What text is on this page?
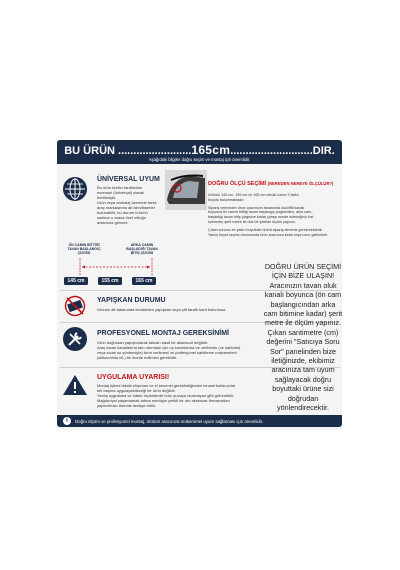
BU ÜRÜN ........................165cm...........................DIR.
Aşağıdaki bilgiler doğru seçim ve montaj için önemlidir.
ÜNİVERSAL UYUM
Bu ürün üretici tarafından
evrensel (üniversal) olarak
üretilmiştir.
Ürün veya ambalaj üzerinde farklı
araç markalarına ait isim/ibareler
bulunabilir, bu durum ürünün
sadece o araca özel olduğu
anlamına gelmez.
DOĞRU ÖLÇÜ SEÇİMİ (NEREDEN NEREYE ÖLÇÜLÜR?)
Ürünün 145 cm, 155 cm ve 165 cm olmak üzere 3 farklı
boyutu bulunmaktadır.
Sipariş vermeden önce aracınızın tavanında oluk/fitil kanalı
boyunca ön camın bittiği tavan başlangıç çizgisinden, arka cam-
başladığı tavan bitiş çizgisine kadar (çıtayı monte edeceğiniz hat
üzerinde) şerit metre ile düz bir şekilde ölçüm yapınız.
Çıkan sonuca en yakın boyuttaki ürünü sipariş etmeniz gerekmektedir.
Yanlış boyut seçimi durumunda ürün aracınıza kesa veya uzun gelecektir.
ÖN CAMIN BİTTİĞİ
TAVAN BAŞLANGIÇ
ÇİZGİSİ
ARKA CAMIN
BAŞLADIĞI TAVAN
BİTİŞ ÇİZGİSİ
145 cm	155 cm	165 cm
YAPIŞKAN DURUMU
Ürünün alt tabanında kendinden yapışkan veya çift taraflı bant bulunmaz.
PROFESYONEL MONTAJ GEREKSİNİMİ
Ürün doğrudan yapıştırılarak takılan basit bir aksesuar değildir.
Araç tavan kanallarına tam oturması için uç kısımlarına ve veriberek (ve kablolar)
veya sıcak su yöntemiyle) form verilmesi ve profesyonel sabitleme malzemeleri
(silikon/vida vb.) ile monte edilmesi gereklidir.
UYGULAMA UYARISI!
Montaj işlemi teknik ekipman ve el becerisi gerektirdiğinden birosel kullanıcılar
tek başına uygulayabileceği bir ürün değildir.
Yanlış uygulama ve hatalı ölçümlerde ürün yuvaya oturmayan gibi görünebilir.
Mağduriyet yaşamamak adına montajın yetkili bir oto aksesuar firmasından
yaptırılması önemle tavsiye edilir.
i	Doğru ölçüm ve profesyonel montaj, ürünün aracınıza mükemmel uyum sağlaması için önemlidir.
DOĞRU ÜRÜN SEÇİMİ İÇİN BİZE ULAŞIN! Aracınızın tavan oluk kanalı boyunca (ön cam başlangıcından arka cam bitimine kadar) şerit metre ile ölçüm yapınız. Çıkan santimetre (cm) değerini "Satıcıya Soru Sor" panelinden bize iletiğinizde, ekibimiz aracınıza tam uyum sağlayacak doğru boyuttaki ürüne sizi doğrudan yönlendirecektir.
